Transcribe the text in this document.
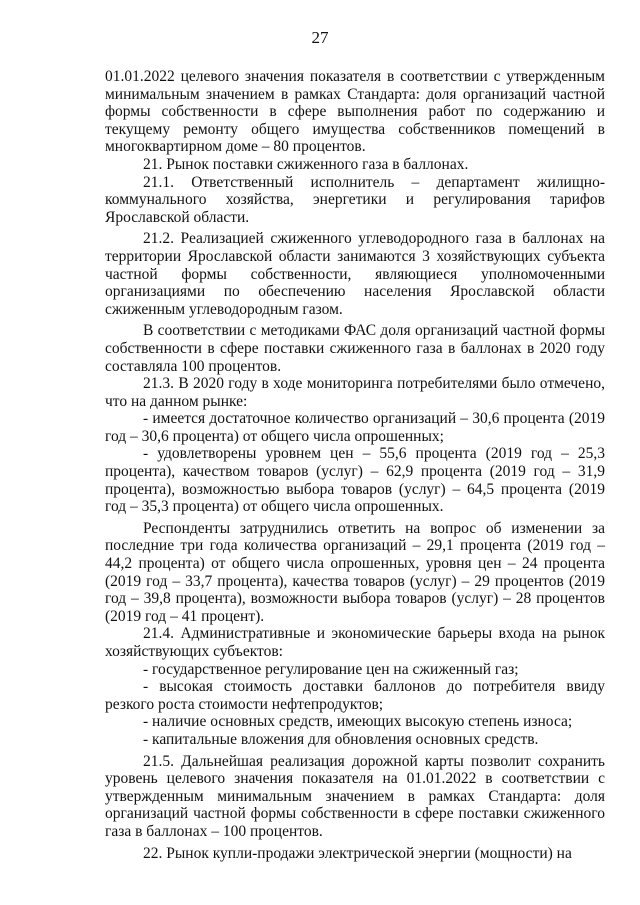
27

01.01.2022 целевого значения показателя в соответствии с утвержденным минимальным значением в рамках Стандарта: доля организаций частной формы собственности в сфере выполнения работ по содержанию и текущему ремонту общего имущества собственников помещений в многоквартирном доме – 80 процентов.

21. Рынок поставки сжиженного газа в баллонах.

21.1. Ответственный исполнитель – департамент жилищно-коммунального хозяйства, энергетики и регулирования тарифов Ярославской области.

21.2. Реализацией сжиженного углеводородного газа в баллонах на территории Ярославской области занимаются 3 хозяйствующих субъекта частной формы собственности, являющиеся уполномоченными организациями по обеспечению населения Ярославской области сжиженным углеводородным газом.

В соответствии с методиками ФАС доля организаций частной формы собственности в сфере поставки сжиженного газа в баллонах в 2020 году составляла 100 процентов.

21.3. В 2020 году в ходе мониторинга потребителями было отмечено, что на данном рынке:

- имеется достаточное количество организаций – 30,6 процента (2019 год – 30,6 процента) от общего числа опрошенных;

- удовлетворены уровнем цен – 55,6 процента (2019 год – 25,3 процента), качеством товаров (услуг) – 62,9 процента (2019 год – 31,9 процента), возможностью выбора товаров (услуг) – 64,5 процента (2019 год – 35,3 процента) от общего числа опрошенных.

Респонденты затруднились ответить на вопрос об изменении за последние три года количества организаций – 29,1 процента (2019 год – 44,2 процента) от общего числа опрошенных, уровня цен – 24 процента (2019 год – 33,7 процента), качества товаров (услуг) – 29 процентов (2019 год – 39,8 процента), возможности выбора товаров (услуг) – 28 процентов (2019 год – 41 процент).

21.4. Административные и экономические барьеры входа на рынок хозяйствующих субъектов:

- государственное регулирование цен на сжиженный газ;

- высокая стоимость доставки баллонов до потребителя ввиду резкого роста стоимости нефтепродуктов;

- наличие основных средств, имеющих высокую степень износа;

- капитальные вложения для обновления основных средств.

21.5. Дальнейшая реализация дорожной карты позволит сохранить уровень целевого значения показателя на 01.01.2022 в соответствии с утвержденным минимальным значением в рамках Стандарта: доля организаций частной формы собственности в сфере поставки сжиженного газа в баллонах – 100 процентов.

22. Рынок купли-продажи электрической энергии (мощности) на
